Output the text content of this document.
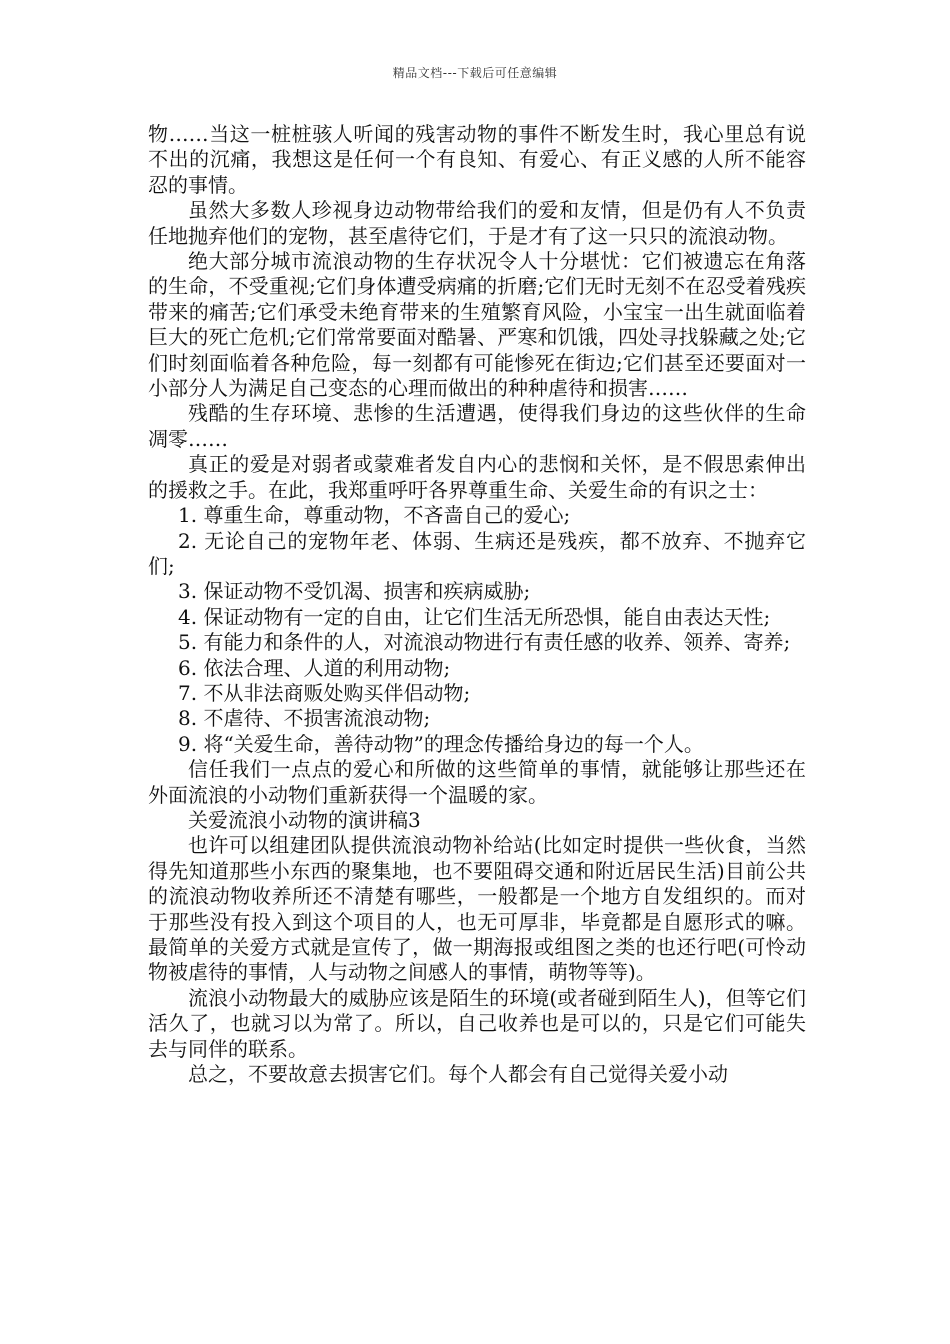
精品文档---下载后可任意编辑

物……当这一桩桩骇人听闻的残害动物的事件不断发生时，我心里总有说不出的沉痛，我想这是任何一个有良知、有爱心、有正义感的人所不能容忍的事情。

虽然大多数人珍视身边动物带给我们的爱和友情，但是仍有人不负责任地抛弃他们的宠物，甚至虐待它们，于是才有了这一只只的流浪动物。

绝大部分城市流浪动物的生存状况令人十分堪忧：它们被遗忘在角落的生命，不受重视;它们身体遭受病痛的折磨;它们无时无刻不在忍受着残疾带来的痛苦;它们承受未绝育带来的生殖繁育风险，小宝宝一出生就面临着巨大的死亡危机;它们常常要面对酷暑、严寒和饥饿，四处寻找躲藏之处;它们时刻面临着各种危险，每一刻都有可能惨死在街边;它们甚至还要面对一小部分人为满足自己变态的心理而做出的种种虐待和损害……

残酷的生存环境、悲惨的生活遭遇，使得我们身边的这些伙伴的生命凋零……

真正的爱是对弱者或蒙难者发自内心的悲悯和关怀，是不假思索伸出的援救之手。在此，我郑重呼吁各界尊重生命、关爱生命的有识之士：

1. 尊重生命，尊重动物，不吝啬自己的爱心;

2. 无论自己的宠物年老、体弱、生病还是残疾，都不放弃、不抛弃它们;

3. 保证动物不受饥渴、损害和疾病威胁;

4. 保证动物有一定的自由，让它们生活无所恐惧，能自由表达天性;

5. 有能力和条件的人，对流浪动物进行有责任感的收养、领养、寄养;

6. 依法合理、人道的利用动物;

7. 不从非法商贩处购买伴侣动物;

8. 不虐待、不损害流浪动物;

9. 将“关爱生命，善待动物”的理念传播给身边的每一个人。

信任我们一点点的爱心和所做的这些简单的事情，就能够让那些还在外面流浪的小动物们重新获得一个温暖的家。

关爱流浪小动物的演讲稿3

也许可以组建团队提供流浪动物补给站(比如定时提供一些伙食，当然得先知道那些小东西的聚集地，也不要阻碍交通和附近居民生活)目前公共的流浪动物收养所还不清楚有哪些，一般都是一个地方自发组织的。而对于那些没有投入到这个项目的人，也无可厚非，毕竟都是自愿形式的嘛。最简单的关爱方式就是宣传了，做一期海报或组图之类的也还行吧(可怜动物被虐待的事情，人与动物之间感人的事情，萌物等等)。

流浪小动物最大的威胁应该是陌生的环境(或者碰到陌生人)，但等它们活久了，也就习以为常了。所以，自己收养也是可以的，只是它们可能失去与同伴的联系。

总之，不要故意去损害它们。每个人都会有自己觉得关爱小动
